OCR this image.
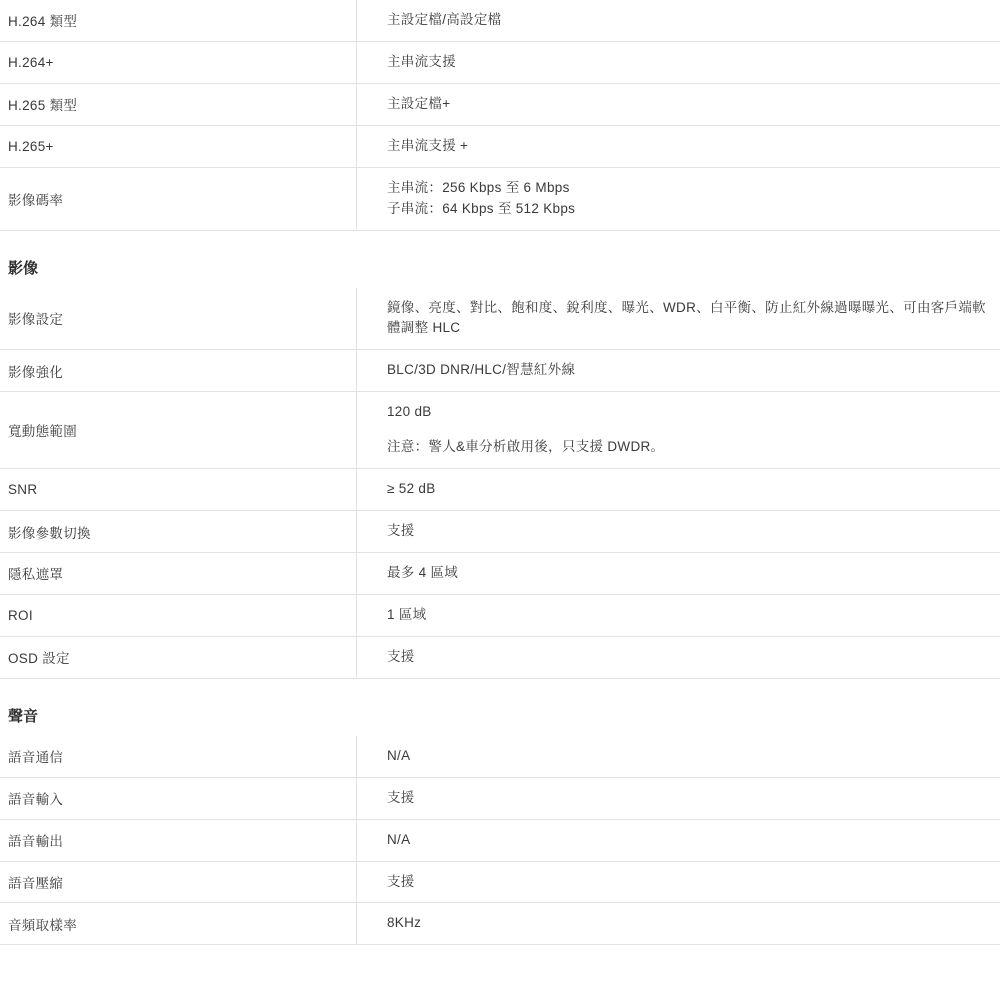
H.264 類型	主設定檔/高設定檔

H.264+	主串流支援

H.265 類型	主設定檔+

H.265+	主串流支援 +

影像碼率	主串流：256 Kbps 至 6 Mbps
子串流：64 Kbps 至 512 Kbps

影像	
影像設定	鏡像、亮度、對比、飽和度、銳利度、曝光、WDR、白平衡、防止紅外線過曝曝光、可由客戶端軟體調整 HLC

影像強化	BLC/3D DNR/HLC/智慧紅外線

寬動態範圍	120 dB
注意：警人&車分析啟用後，只支援 DWDR。

SNR	≥ 52 dB

影像參數切換	支援

隱私遮罩	最多 4 區域

ROI	1 區域

OSD 設定	支援

聲音	
語音通信	N/A

語音輸入	支援

語音輸出	N/A

語音壓縮	支援

音頻取樣率	8KHz
